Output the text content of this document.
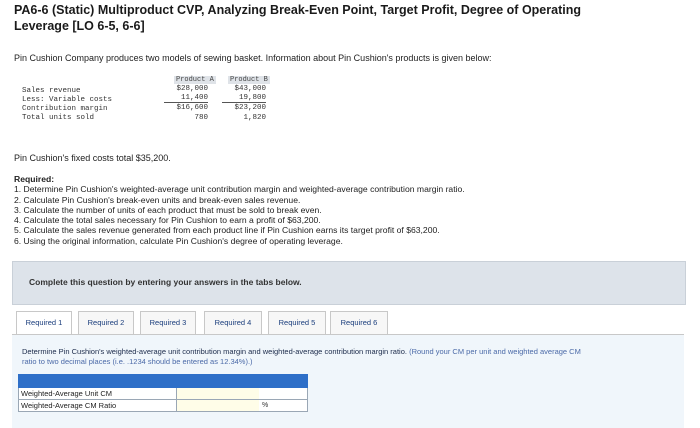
PA6-6 (Static) Multiproduct CVP, Analyzing Break-Even Point, Target Profit, Degree of Operating Leverage [LO 6-5, 6-6]
Pin Cushion Company produces two models of sewing basket. Information about Pin Cushion's products is given below:
Product A Product B
Sales revenue	$28,000	$43,000
Less: Variable costs	11,400	19,800
Contribution margin	$16,600	$23,200
Total units sold	780	1,820
Pin Cushion's fixed costs total $35,200.
Required:
1. Determine Pin Cushion's weighted-average unit contribution margin and weighted-average contribution margin ratio.
2. Calculate Pin Cushion's break-even units and break-even sales revenue.
3. Calculate the number of units of each product that must be sold to break even.
4. Calculate the total sales necessary for Pin Cushion to earn a profit of $63,200.
5. Calculate the sales revenue generated from each product line if Pin Cushion earns its target profit of $63,200.
6. Using the original information, calculate Pin Cushion's degree of operating leverage.
Complete this question by entering your answers in the tabs below.
Required 1	Required 2	Required 3	Required 4	Required 5	Required 6
Determine Pin Cushion's weighted-average unit contribution margin and weighted-average contribution margin ratio. (Round your CM per unit and weighted average CM ratio to two decimal places (i.e. .1234 should be entered as 12.34%).)
Weighted-Average Unit CM
Weighted-Average CM Ratio	%
